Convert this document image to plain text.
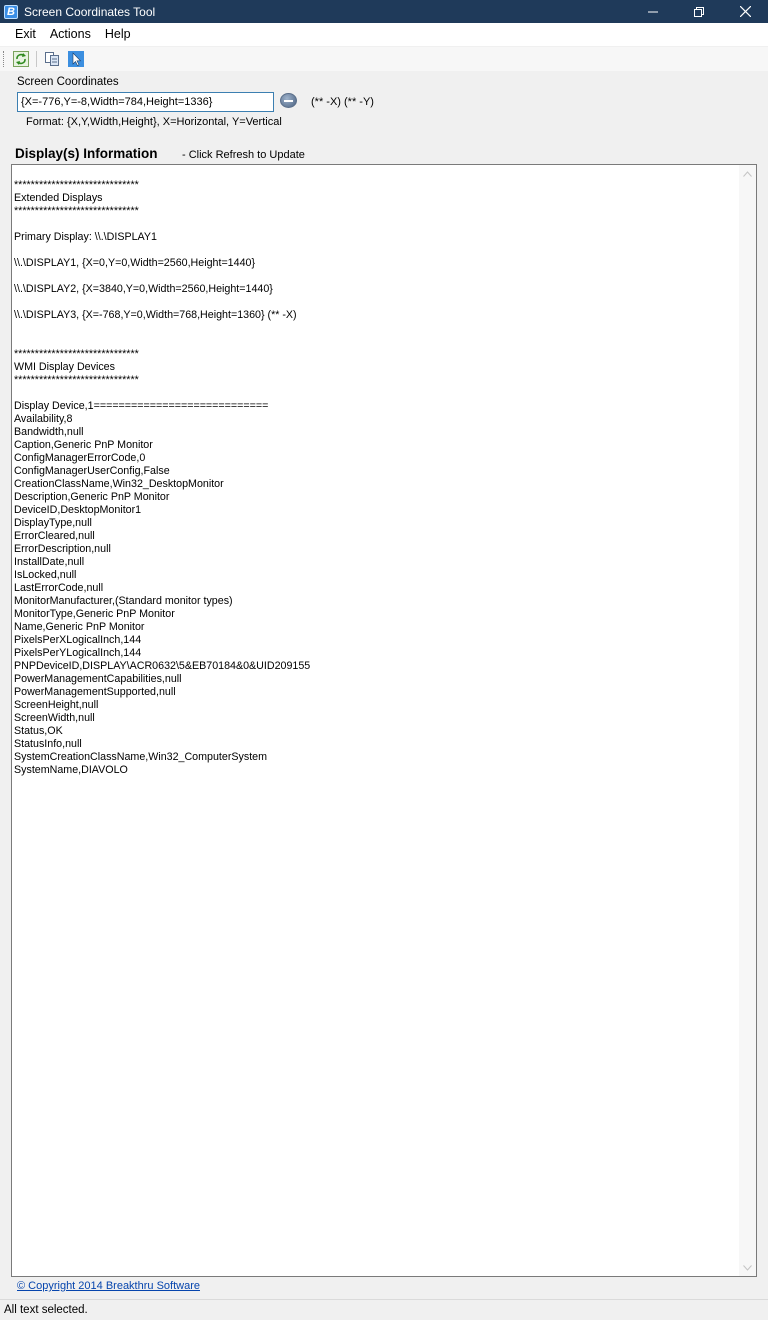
B Screen Coordinates Tool
Exit	Actions	Help
Screen Coordinates
{X=-776,Y=-8,Width=784,Height=1336}
(** -X) (** -Y)
Format: {X,Y,Width,Height}, X=Horizontal, Y=Vertical
Display(s) Information - Click Refresh to Update
******************************
Extended Displays
******************************

Primary Display: \\.\DISPLAY1

\\.\DISPLAY1, {X=0,Y=0,Width=2560,Height=1440}

\\.\DISPLAY2, {X=3840,Y=0,Width=2560,Height=1440}

\\.\DISPLAY3, {X=-768,Y=0,Width=768,Height=1360} (** -X)

******************************
WMI Display Devices
******************************

Display Device,1============================
Availability,8
Bandwidth,null
Caption,Generic PnP Monitor
ConfigManagerErrorCode,0
ConfigManagerUserConfig,False
CreationClassName,Win32_DesktopMonitor
Description,Generic PnP Monitor
DeviceID,DesktopMonitor1
DisplayType,null
ErrorCleared,null
ErrorDescription,null
InstallDate,null
IsLocked,null
LastErrorCode,null
MonitorManufacturer,(Standard monitor types)
MonitorType,Generic PnP Monitor
Name,Generic PnP Monitor
PixelsPerXLogicalInch,144
PixelsPerYLogicalInch,144
PNPDeviceID,DISPLAY\ACR0632\5&EB70184&0&UID209155
PowerManagementCapabilities,null
PowerManagementSupported,null
ScreenHeight,null
ScreenWidth,null
Status,OK
StatusInfo,null
SystemCreationClassName,Win32_ComputerSystem
SystemName,DIAVOLO
© Copyright 2014 Breakthru Software
All text selected.
